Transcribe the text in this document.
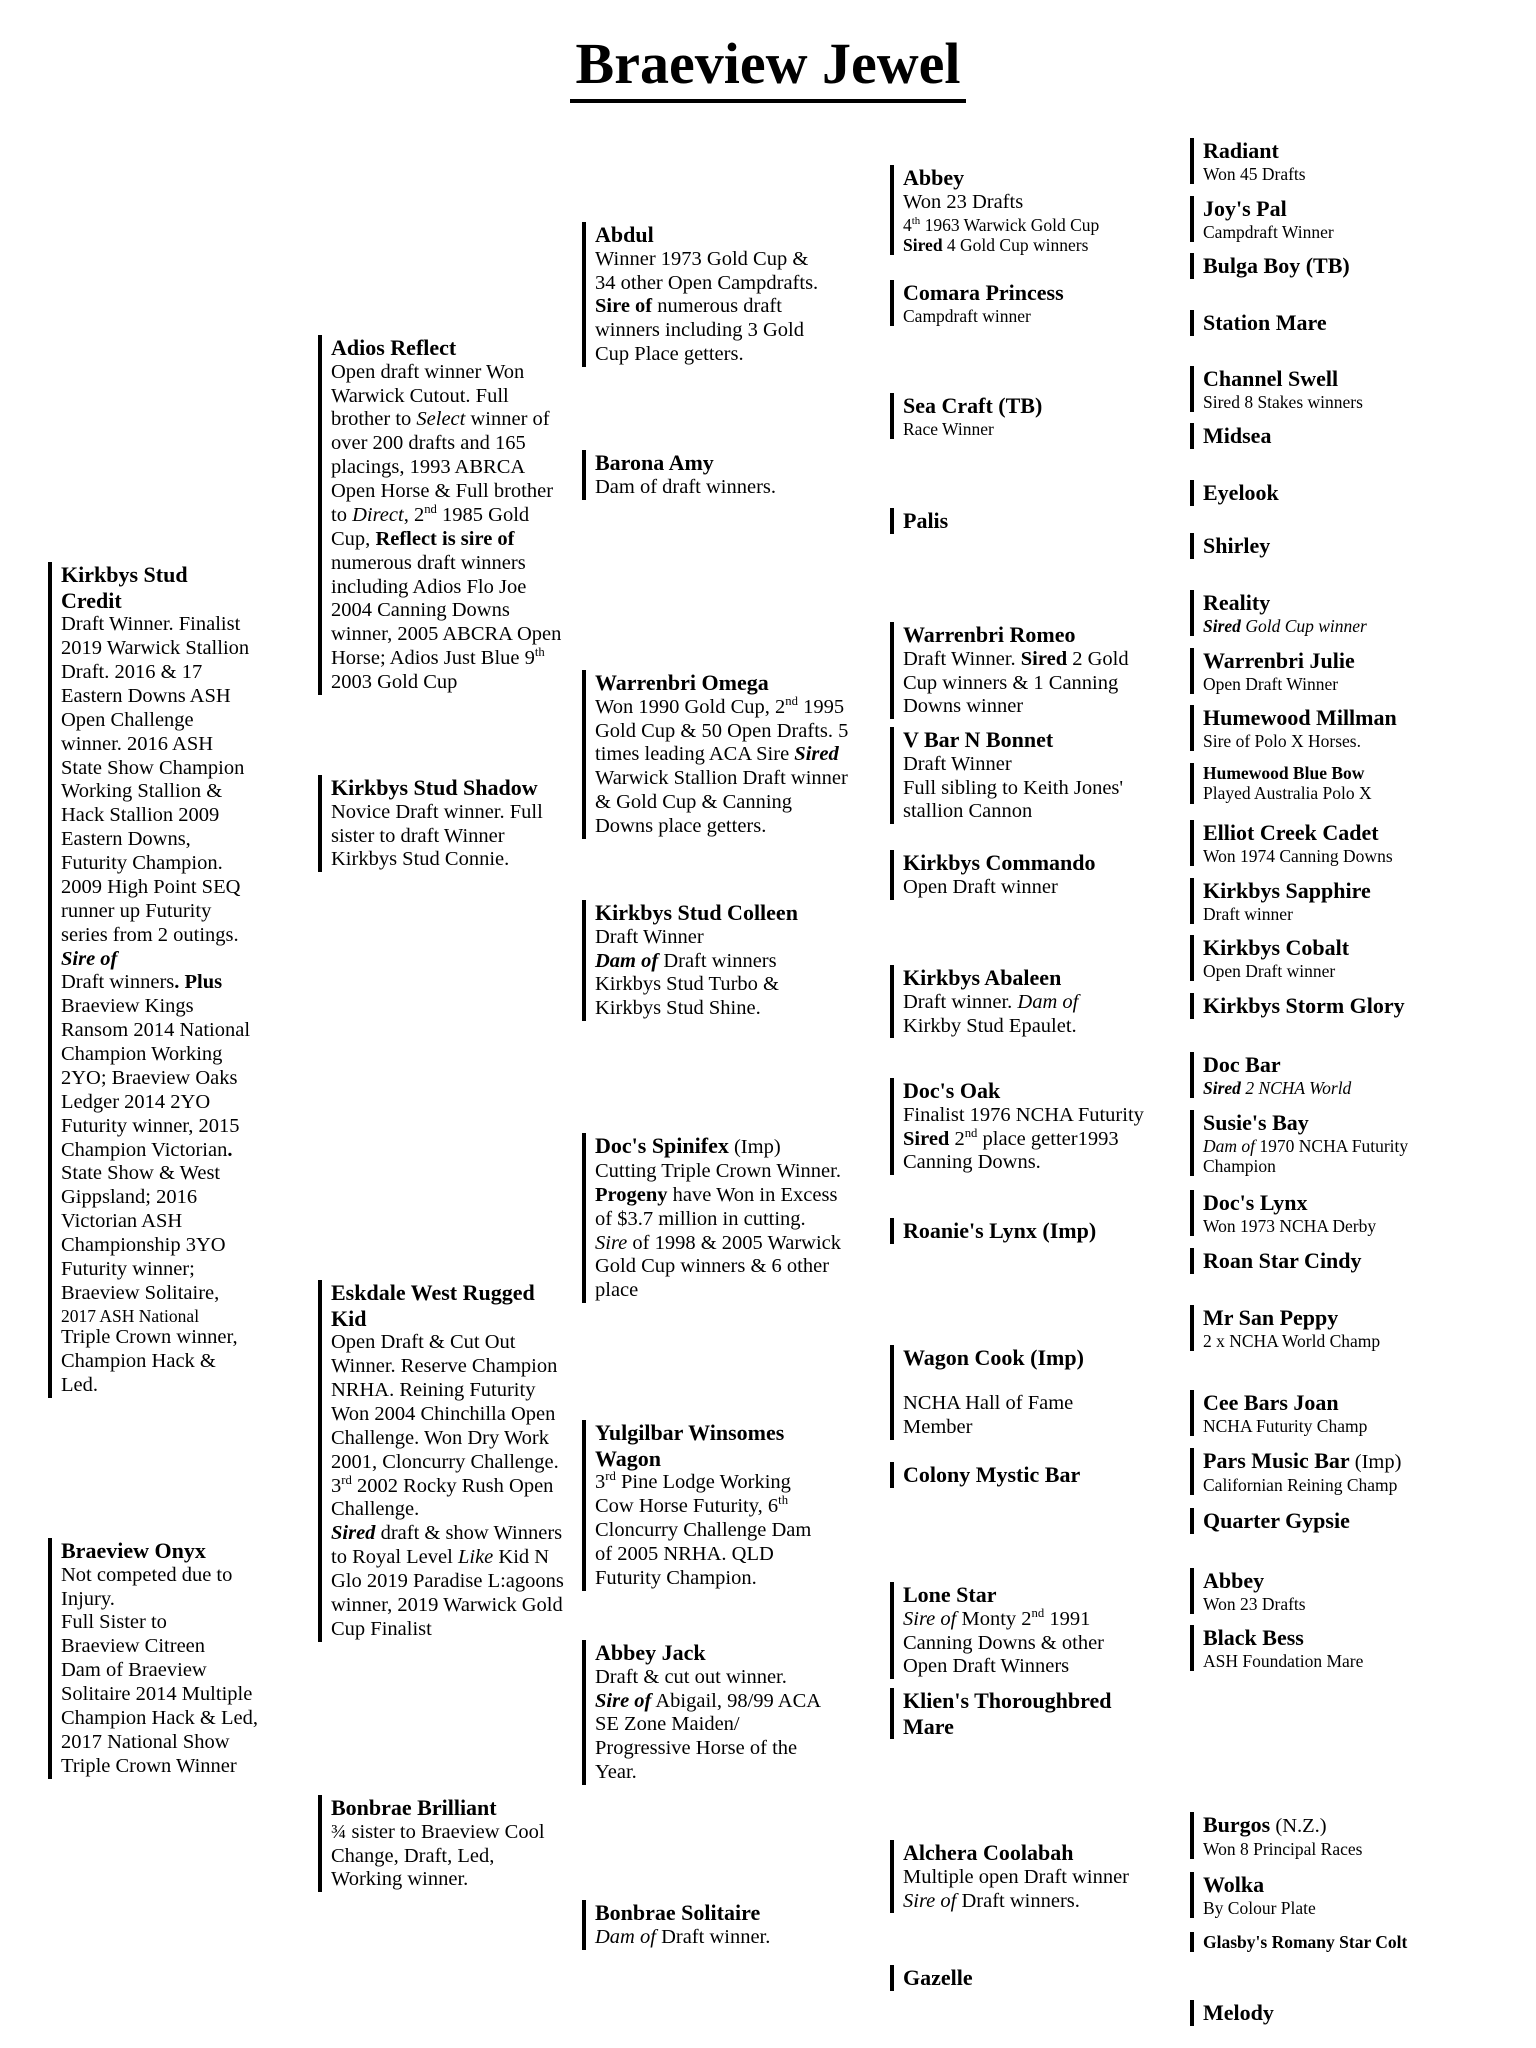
Braeview Jewel

Kirkbys Stud Credit

Draft Winner. Finalist 2019 Warwick Stallion Draft. 2016 & 17 Eastern Downs ASH Open Challenge winner. 2016 ASH State Show Champion Working Stallion & Hack Stallion 2009 Eastern Downs, Futurity Champion. 2009 High Point SEQ runner up Futurity series from 2 outings.

Sire of

Draft winners. Plus
Braeview Kings Ransom 2014 National Champion Working 2YO; Braeview Oaks Ledger 2014 2YO Futurity winner, 2015 Champion Victorian.

State Show & West Gippsland; 2016 Victorian ASH Championship 3YO Futurity winner; Braeview Solitaire,

2017 ASH National

Triple Crown winner, Champion Hack & Led.

Braeview Onyx

Not competed due to Injury.

Full Sister to

Braeview Citreen

Dam of Braeview Solitaire 2014 Multiple Champion Hack & Led, 2017 National Show Triple Crown Winner

Adios Reflect

Open draft winner Won Warwick Cutout. Full brother to Select winner of over 200 drafts and 165 placings, 1993 ABRCA Open Horse & Full brother to Direct, 2nd 1985 Gold Cup, Reflect is sire of numerous draft winners including Adios Flo Joe 2004 Canning Downs winner, 2005 ABCRA Open Horse; Adios Just Blue 9th 2003 Gold Cup

Kirkbys Stud Shadow

Novice Draft winner. Full sister to draft Winner Kirkbys Stud Connie.

Eskdale West Rugged Kid

Open Draft & Cut Out Winner. Reserve Champion NRHA. Reining Futurity Won 2004 Chinchilla Open Challenge. Won Dry Work 2001, Cloncurry Challenge. 3rd 2002 Rocky Rush Open Challenge.

Sired draft & show Winners to Royal Level Like Kid N Glo 2019 Paradise L:agoons winner, 2019 Warwick Gold Cup Finalist

Bonbrae Brilliant

¾ sister to Braeview Cool Change, Draft, Led, Working winner.

Abdul

Winner 1973 Gold Cup & 34 other Open Campdrafts. Sire of numerous draft winners including 3 Gold Cup Place getters.

Barona Amy

Dam of draft winners.

Warrenbri Omega

Won 1990 Gold Cup, 2nd 1995 Gold Cup & 50 Open Drafts. 5 times leading ACA Sire Sired Warwick Stallion Draft winner & Gold Cup & Canning Downs place getters.

Kirkbys Stud Colleen

Draft Winner

Dam of Draft winners Kirkbys Stud Turbo & Kirkbys Stud Shine.

Doc's Spinifex (Imp)

Cutting Triple Crown Winner. Progeny have Won in Excess of $3.7 million in cutting.

Sire of 1998 & 2005 Warwick Gold Cup winners & 6 other place

Yulgilbar Winsomes Wagon

3rd Pine Lodge Working Cow Horse Futurity, 6th Cloncurry Challenge Dam of 2005 NRHA. QLD Futurity Champion.

Abbey Jack

Draft & cut out winner.

Sire of Abigail, 98/99 ACA SE Zone Maiden/ Progressive Horse of the Year.

Bonbrae Solitaire

Dam of Draft winner.

Abbey

Won 23 Drafts

4th 1963 Warwick Gold Cup

Sired 4 Gold Cup winners

Comara Princess

Campdraft winner

Sea Craft (TB)

Race Winner

Palis

Warrenbri Romeo

Draft Winner. Sired 2 Gold Cup winners & 1 Canning Downs winner

V Bar N Bonnet

Draft Winner

Full sibling to Keith Jones' stallion Cannon

Kirkbys Commando

Open Draft winner

Kirkbys Abaleen

Draft winner. Dam of Kirkby Stud Epaulet.

Doc's Oak

Finalist 1976 NCHA Futurity

Sired 2nd place getter1993 Canning Downs.

Roanie's Lynx (Imp)

Wagon Cook (Imp)

NCHA Hall of Fame Member

Colony Mystic Bar

Lone Star

Sire of Monty 2nd 1991 Canning Downs & other Open Draft Winners

Klien's Thoroughbred Mare

Alchera Coolabah

Multiple open Draft winner

Sire of Draft winners.

Gazelle

Radiant

Won 45 Drafts

Joy's Pal

Campdraft Winner

Bulga Boy (TB)

Station Mare

Channel Swell

Sired 8 Stakes winners

Midsea

Eyelook

Shirley

Reality

Sired Gold Cup winner

Warrenbri Julie

Open Draft Winner

Humewood Millman

Sire of Polo X Horses.

Humewood Blue Bow

Played Australia Polo X

Elliot Creek Cadet

Won 1974 Canning Downs

Kirkbys Sapphire

Draft winner

Kirkbys Cobalt

Open Draft winner

Kirkbys Storm Glory

Doc Bar

Sired 2 NCHA World

Susie's Bay

Dam of 1970 NCHA Futurity Champion

Doc's Lynx

Won 1973 NCHA Derby

Roan Star Cindy

Mr San Peppy

2 x NCHA World Champ

Cee Bars Joan

NCHA Futurity Champ

Pars Music Bar (Imp)

Californian Reining Champ

Quarter Gypsie

Abbey

Won 23 Drafts

Black Bess

ASH Foundation Mare

Burgos (N.Z.)

Won 8 Principal Races

Wolka

By Colour Plate

Glasby's Romany Star Colt

Melody
